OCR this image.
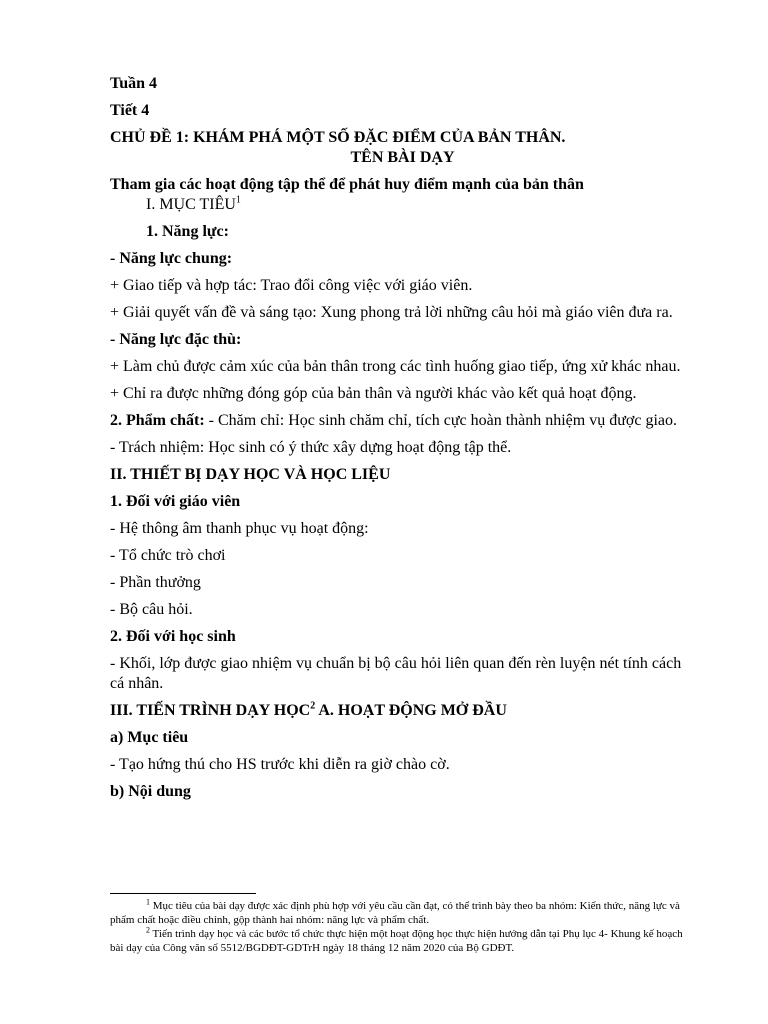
Tuần 4

Tiết 4

CHỦ ĐỀ 1: KHÁM PHÁ MỘT SỐ ĐẶC ĐIỂM CỦA BẢN THÂN.

TÊN BÀI DẠY

Tham gia các hoạt động tập thể để phát huy điểm mạnh của bản thân

I. MỤC TIÊU$^1$

1. Năng lực:

- Năng lực chung:

+ Giao tiếp và hợp tác: Trao đổi công việc với giáo viên.

+ Giải quyết vấn đề và sáng tạo: Xung phong trả lời những câu hỏi mà giáo viên đưa ra.

- Năng lực đặc thù:

+ Làm chủ được cảm xúc của bản thân trong các tình huống giao tiếp, ứng xử khác nhau.

+ Chỉ ra được những đóng góp của bản thân và người khác vào kết quả hoạt động.

2. Phẩm chất: - Chăm chỉ: Học sinh chăm chỉ, tích cực hoàn thành nhiệm vụ được giao.

- Trách nhiệm: Học sinh có ý thức xây dựng hoạt động tập thể.

II. THIẾT BỊ DẠY HỌC VÀ HỌC LIỆU

1. Đối với giáo viên

- Hệ thông âm thanh phục vụ hoạt động:

- Tổ chức trò chơi

- Phần thưởng

- Bộ câu hỏi.

2. Đối với học sinh

- Khối, lớp được giao nhiệm vụ chuẩn bị bộ câu hỏi liên quan đến rèn luyện nét tính cách cá nhân.

III. TIẾN TRÌNH DẠY HỌC$^2$ A. HOẠT ĐỘNG MỞ ĐẦU

a) Mục tiêu

- Tạo hứng thú cho HS trước khi diễn ra giờ chào cờ.

b) Nội dung

$^1$ Mục tiêu của bài dạy được xác định phù hợp với yêu cầu cần đạt, có thể trình bày theo ba nhóm: Kiến thức, năng lực và phẩm chất hoặc điều chỉnh, gộp thành hai nhóm: năng lực và phẩm chất.

$^2$ Tiến trình dạy học và các bước tổ chức thực hiện một hoạt động học thực hiện hướng dẫn tại Phụ lục 4- Khung kế hoạch bài dạy của Công văn số 5512/BGDĐT-GDTrH ngày 18 tháng 12 năm 2020 của Bộ GDĐT.
